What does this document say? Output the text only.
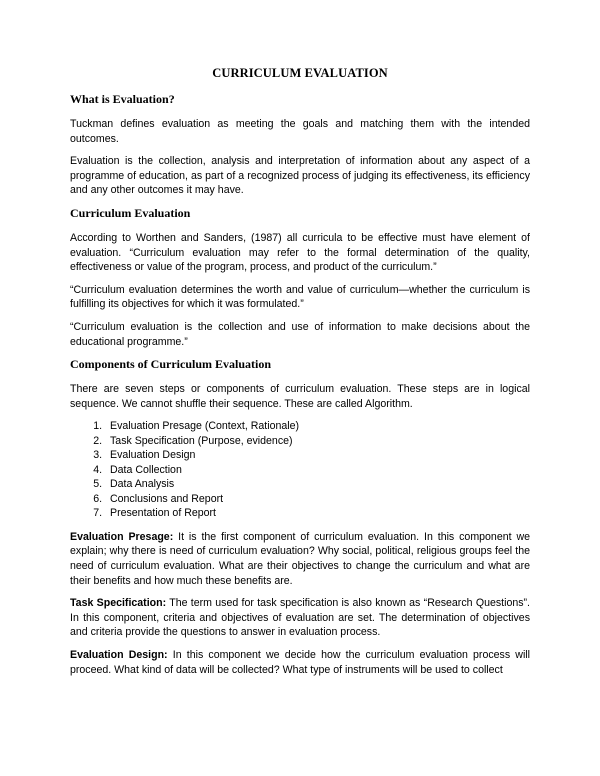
CURRICULUM EVALUATION
What is Evaluation?

Tuckman defines evaluation as meeting the goals and matching them with the intended outcomes.

Evaluation is the collection, analysis and interpretation of information about any aspect of a programme of education, as part of a recognized process of judging its effectiveness, its efficiency and any other outcomes it may have.

Curriculum Evaluation

According to Worthen and Sanders, (1987) all curricula to be effective must have element of evaluation. “Curriculum evaluation may refer to the formal determination of the quality, effectiveness or value of the program, process, and product of the curriculum.”

“Curriculum evaluation determines the worth and value of curriculum—whether the curriculum is fulfilling its objectives for which it was formulated.”

“Curriculum evaluation is the collection and use of information to make decisions about the educational programme.”

Components of Curriculum Evaluation

There are seven steps or components of curriculum evaluation. These steps are in logical sequence. We cannot shuffle their sequence. These are called Algorithm.

1. Evaluation Presage (Context, Rationale)
2. Task Specification (Purpose, evidence)
3. Evaluation Design
4. Data Collection
5. Data Analysis
6. Conclusions and Report
7. Presentation of Report

Evaluation Presage: It is the first component of curriculum evaluation. In this component we explain; why there is need of curriculum evaluation? Why social, political, religious groups feel the need of curriculum evaluation. What are their objectives to change the curriculum and what are their benefits and how much these benefits are.

Task Specification: The term used for task specification is also known as “Research Questions”. In this component, criteria and objectives of evaluation are set. The determination of objectives and criteria provide the questions to answer in evaluation process.

Evaluation Design: In this component we decide how the curriculum evaluation process will proceed. What kind of data will be collected? What type of instruments will be used to collect
